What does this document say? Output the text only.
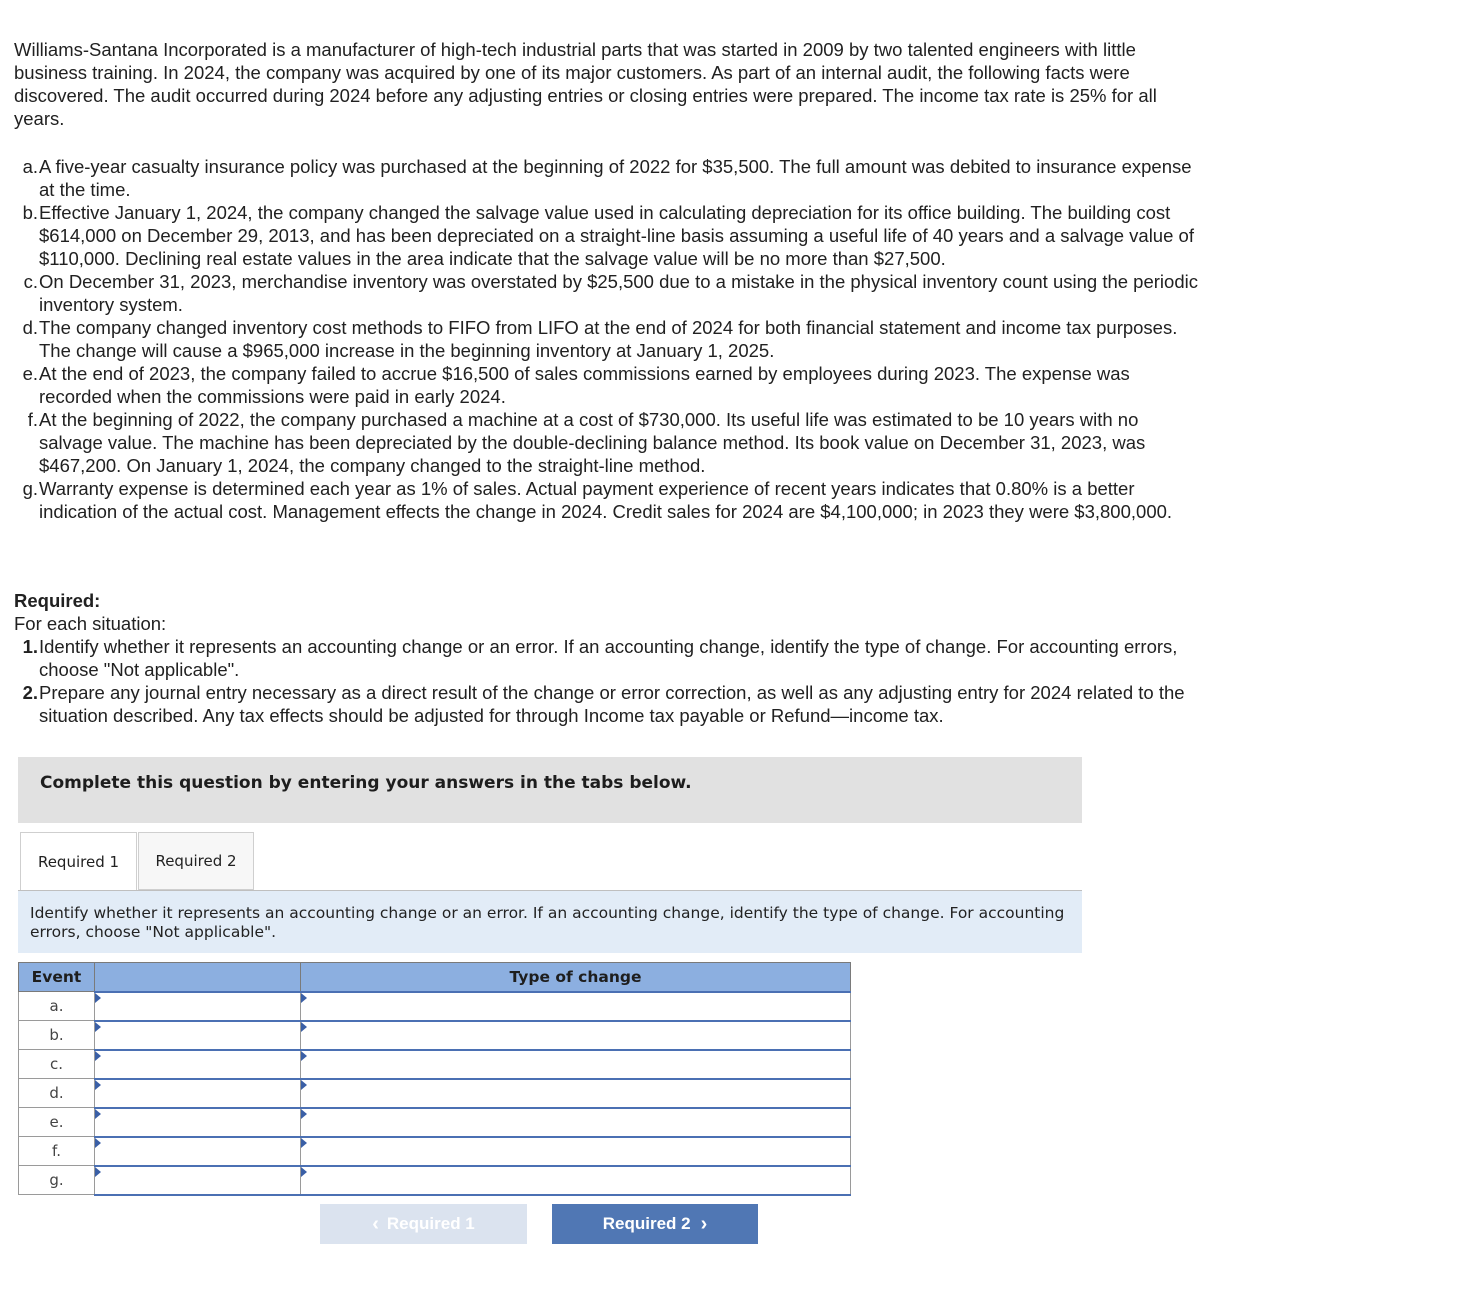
Williams-Santana Incorporated is a manufacturer of high-tech industrial parts that was started in 2009 by two talented engineers with little business training. In 2024, the company was acquired by one of its major customers. As part of an internal audit, the following facts were discovered. The audit occurred during 2024 before any adjusting entries or closing entries were prepared. The income tax rate is 25% for all years.

a. A five-year casualty insurance policy was purchased at the beginning of 2022 for $35,500. The full amount was debited to insurance expense at the time.
b. Effective January 1, 2024, the company changed the salvage value used in calculating depreciation for its office building. The building cost $614,000 on December 29, 2013, and has been depreciated on a straight-line basis assuming a useful life of 40 years and a salvage value of $110,000. Declining real estate values in the area indicate that the salvage value will be no more than $27,500.
c. On December 31, 2023, merchandise inventory was overstated by $25,500 due to a mistake in the physical inventory count using the periodic inventory system.
d. The company changed inventory cost methods to FIFO from LIFO at the end of 2024 for both financial statement and income tax purposes. The change will cause a $965,000 increase in the beginning inventory at January 1, 2025.
e. At the end of 2023, the company failed to accrue $16,500 of sales commissions earned by employees during 2023. The expense was recorded when the commissions were paid in early 2024.
f. At the beginning of 2022, the company purchased a machine at a cost of $730,000. Its useful life was estimated to be 10 years with no salvage value. The machine has been depreciated by the double-declining balance method. Its book value on December 31, 2023, was $467,200. On January 1, 2024, the company changed to the straight-line method.
g. Warranty expense is determined each year as 1% of sales. Actual payment experience of recent years indicates that 0.80% is a better indication of the actual cost. Management effects the change in 2024. Credit sales for 2024 are $4,100,000; in 2023 they were $3,800,000.

Required:

For each situation:

1. Identify whether it represents an accounting change or an error. If an accounting change, identify the type of change. For accounting errors, choose "Not applicable".
2. Prepare any journal entry necessary as a direct result of the change or error correction, as well as any adjusting entry for 2024 related to the situation described. Any tax effects should be adjusted for through Income tax payable or Refund—income tax.
Complete this question by entering your answers in the tabs below.
Required 1	Required 2
Identify whether it represents an accounting change or an error. If an accounting change, identify the type of change. For accounting errors, choose "Not applicable".
Event		Type of change
a.	

b.	

c.	

d.	

e.	

f.	

g.	

‹ Required 1	Required 2 ›
